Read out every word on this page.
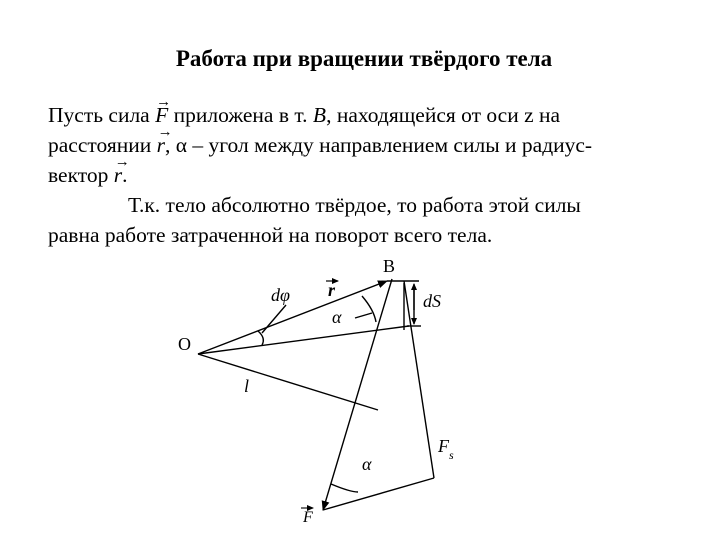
Работа при вращении твёрдого тела
Пусть сила → F приложена в т. B, находящейся от оси z на
расстоянии → r, α – угол между направлением силы и радиус-
вектор → r.
Т.к. тело абсолютно твёрдое, то работа этой силы
равна работе затраченной на поворот всего тела.
B
O
dφ r
α
dS
l
F s
α
F
